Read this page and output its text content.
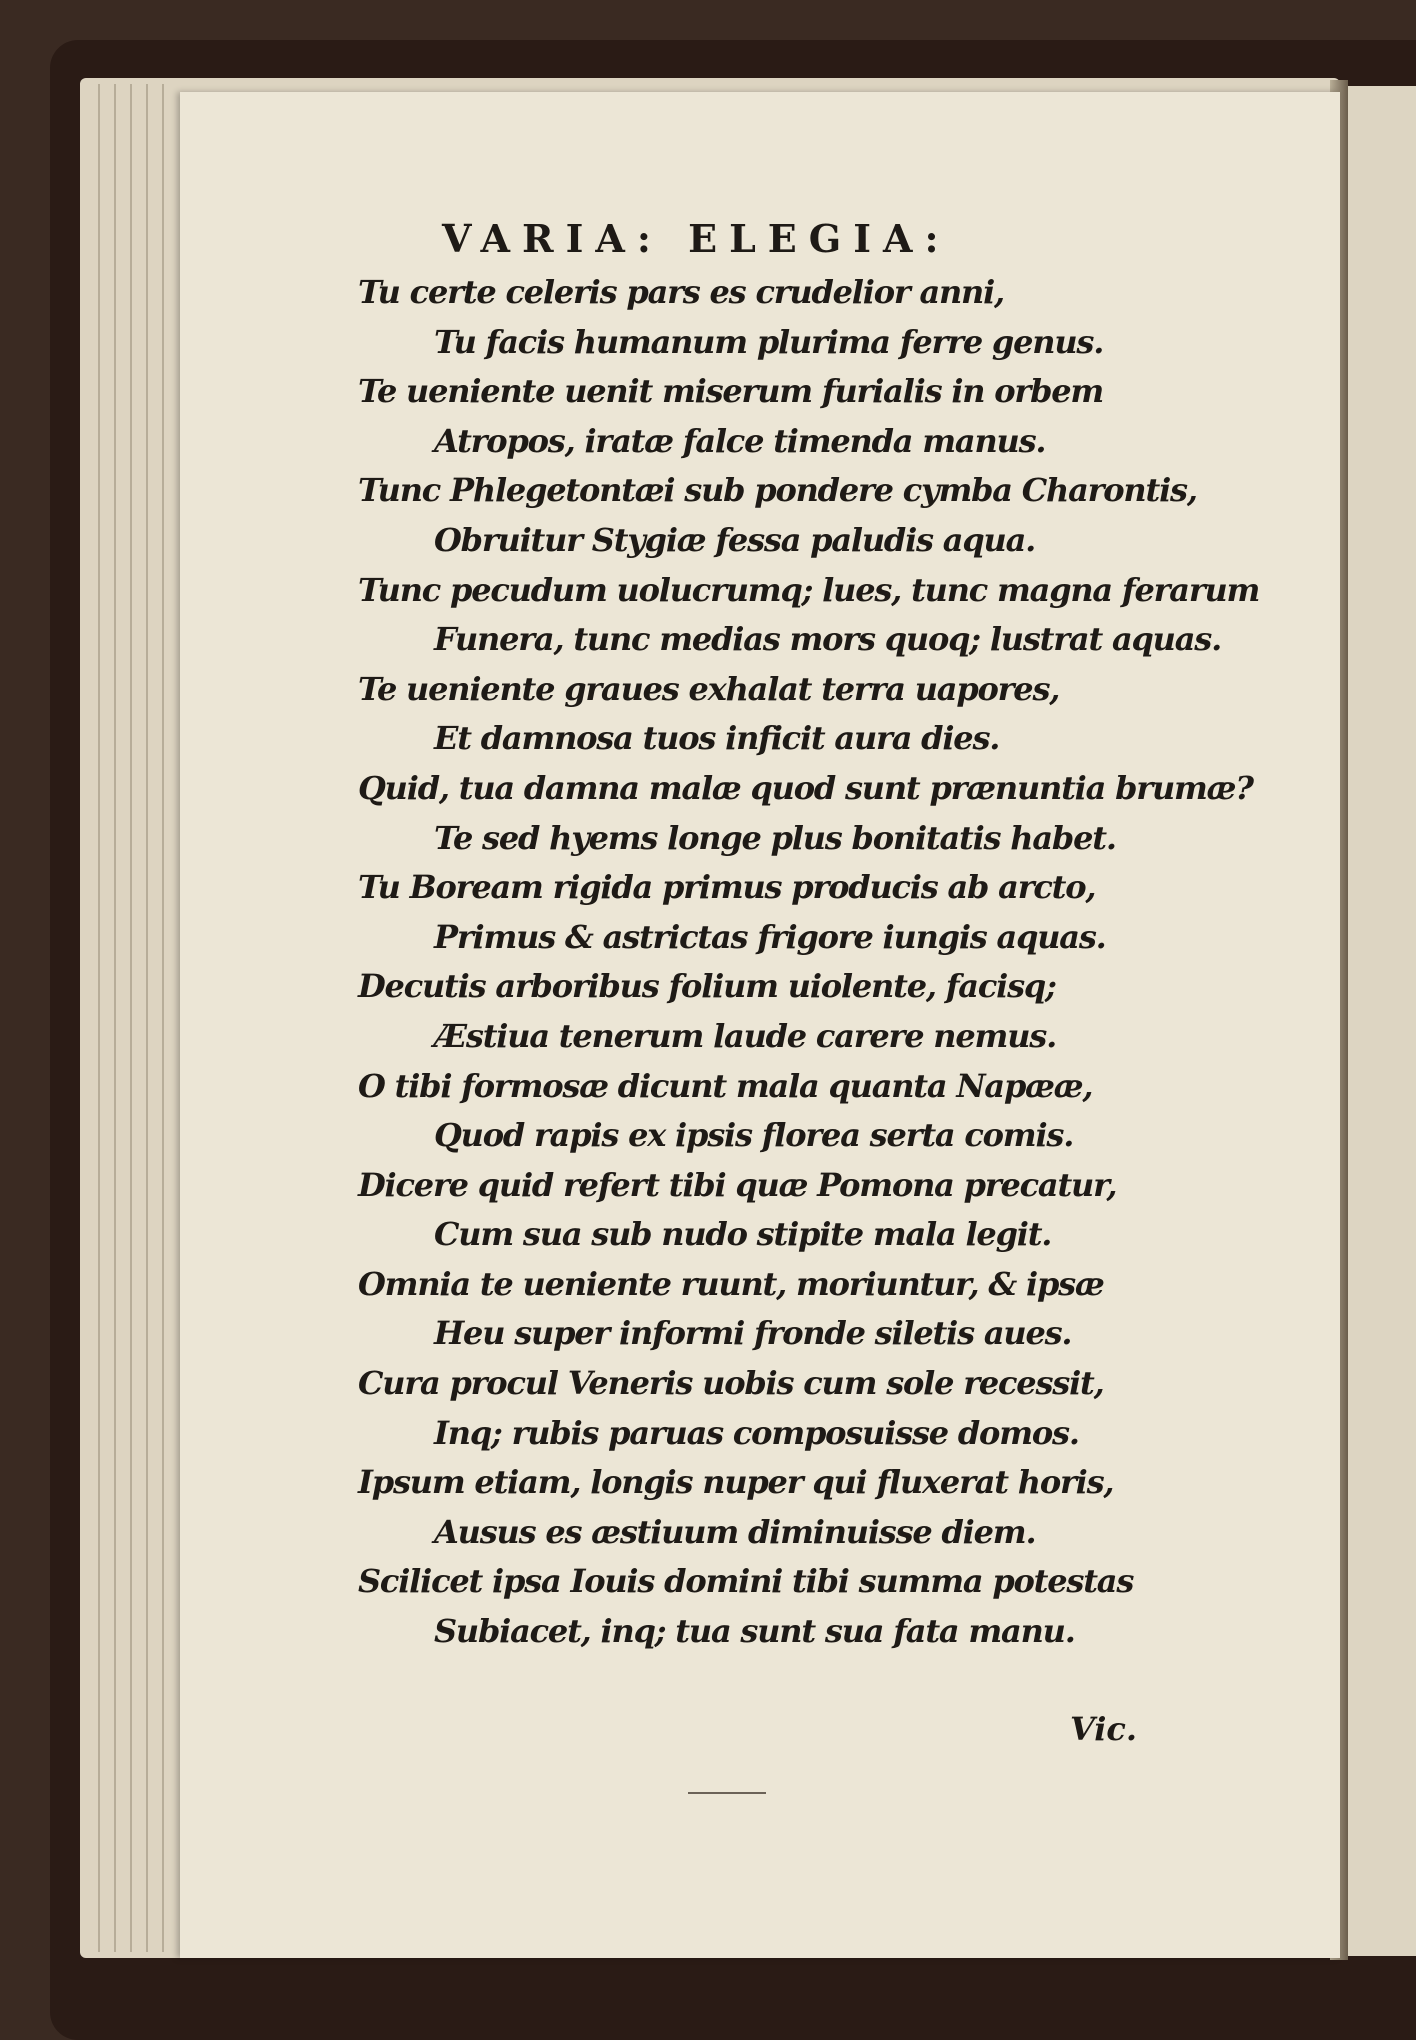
VARIA: ELEGIA:
Tu certe celeris pars es crudelior anni,
Tu facis humanum plurima ferre genus.
Te ueniente uenit miserum furialis in orbem
Atropos, iratæ falce timenda manus.
Tunc Phlegetontæi sub pondere cymba Charontis,
Obruitur Stygiæ fessa paludis aqua.
Tunc pecudum uolucrumq; lues, tunc magna ferarum
Funera, tunc medias mors quoq; lustrat aquas.
Te ueniente graues exhalat terra uapores,
Et damnosa tuos inficit aura dies.
Quid, tua damna malæ quod sunt prænuntia brumæ?
Te sed hyems longe plus bonitatis habet.
Tu Boream rigida primus producis ab arcto,
Primus & astrictas frigore iungis aquas.
Decutis arboribus folium uiolente, facisq;
Æstiua tenerum laude carere nemus.
O tibi formosæ dicunt mala quanta Napææ,
Quod rapis ex ipsis florea serta comis.
Dicere quid refert tibi quæ Pomona precatur,
Cum sua sub nudo stipite mala legit.
Omnia te ueniente ruunt, moriuntur, & ipsæ
Heu super informi fronde siletis aues.
Cura procul Veneris uobis cum sole recessit,
Inq; rubis paruas composuisse domos.
Ipsum etiam, longis nuper qui fluxerat horis,
Ausus es æstiuum diminuisse diem.
Scilicet ipsa Iouis domini tibi summa potestas
Subiacet, inq; tua sunt sua fata manu.
Vic.
